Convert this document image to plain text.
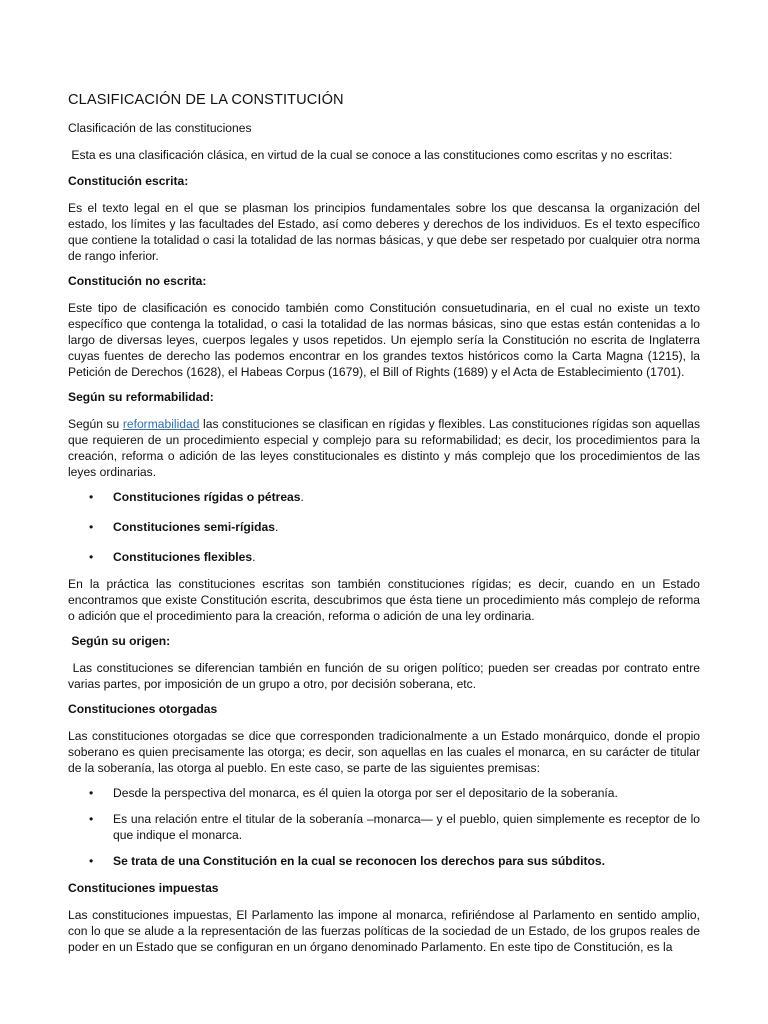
CLASIFICACIÓN DE LA CONSTITUCIÓN

Clasificación de las constituciones

Esta es una clasificación clásica, en virtud de la cual se conoce a las constituciones como escritas y no escritas:

Constitución escrita:

Es el texto legal en el que se plasman los principios fundamentales sobre los que descansa la organización del estado, los límites y las facultades del Estado, así como deberes y derechos de los individuos. Es el texto específico que contiene la totalidad o casi la totalidad de las normas básicas, y que debe ser respetado por cualquier otra norma de rango inferior.

Constitución no escrita:

Este tipo de clasificación es conocido también como Constitución consuetudinaria, en el cual no existe un texto específico que contenga la totalidad, o casi la totalidad de las normas básicas, sino que estas están contenidas a lo largo de diversas leyes, cuerpos legales y usos repetidos. Un ejemplo sería la Constitución no escrita de Inglaterra cuyas fuentes de derecho las podemos encontrar en los grandes textos históricos como la Carta Magna (1215), la Petición de Derechos (1628), el Habeas Corpus (1679), el Bill of Rights (1689) y el Acta de Establecimiento (1701).

Según su reformabilidad:

Según su reformabilidad las constituciones se clasifican en rígidas y flexibles. Las constituciones rígidas son aquellas que requieren de un procedimiento especial y complejo para su reformabilidad; es decir, los procedimientos para la creación, reforma o adición de las leyes constitucionales es distinto y más complejo que los procedimientos de las leyes ordinarias.

• Constituciones rígidas o pétreas.
• Constituciones semi-rígidas.
• Constituciones flexibles.

En la práctica las constituciones escritas son también constituciones rígidas; es decir, cuando en un Estado encontramos que existe Constitución escrita, descubrimos que ésta tiene un procedimiento más complejo de reforma o adición que el procedimiento para la creación, reforma o adición de una ley ordinaria.

Según su origen:

Las constituciones se diferencian también en función de su origen político; pueden ser creadas por contrato entre varias partes, por imposición de un grupo a otro, por decisión soberana, etc.

Constituciones otorgadas

Las constituciones otorgadas se dice que corresponden tradicionalmente a un Estado monárquico, donde el propio soberano es quien precisamente las otorga; es decir, son aquellas en las cuales el monarca, en su carácter de titular de la soberanía, las otorga al pueblo. En este caso, se parte de las siguientes premisas:

• Desde la perspectiva del monarca, es él quien la otorga por ser el depositario de la soberanía.
• Es una relación entre el titular de la soberanía –monarca— y el pueblo, quien simplemente es receptor de lo que indique el monarca.
• Se trata de una Constitución en la cual se reconocen los derechos para sus súbditos.

Constituciones impuestas

Las constituciones impuestas, El Parlamento las impone al monarca, refiriéndose al Parlamento en sentido amplio, con lo que se alude a la representación de las fuerzas políticas de la sociedad de un Estado, de los grupos reales de poder en un Estado que se configuran en un órgano denominado Parlamento. En este tipo de Constitución, es la
